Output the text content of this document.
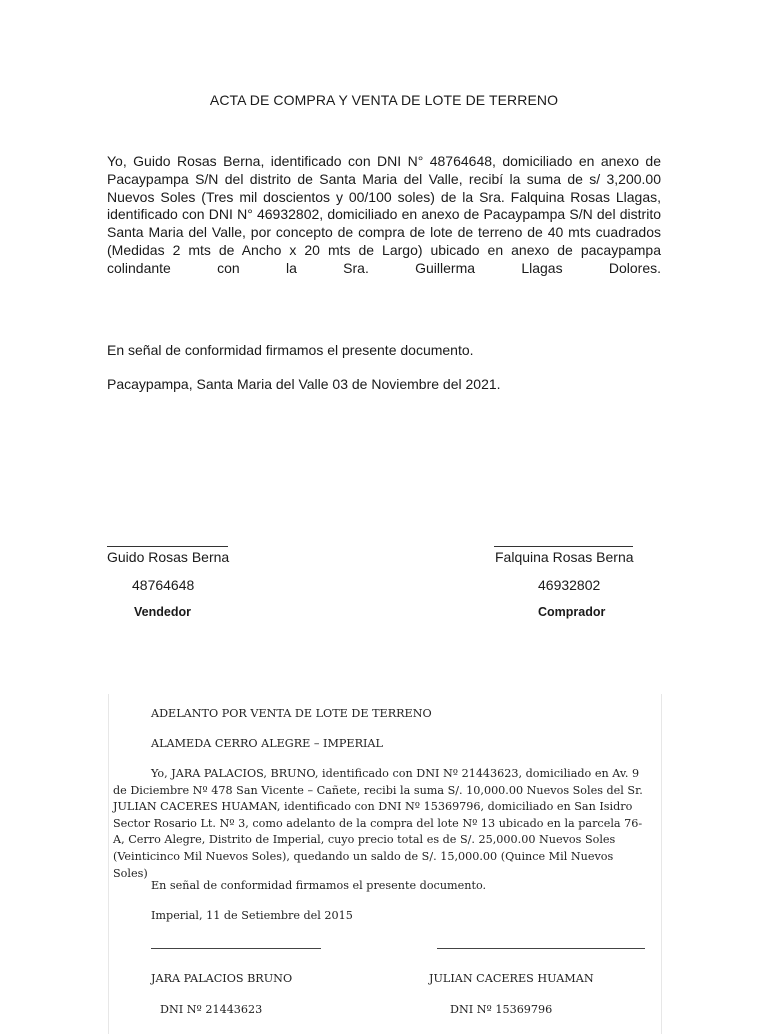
ACTA DE COMPRA Y VENTA DE LOTE DE TERRENO
Yo, Guido Rosas Berna, identificado con DNI N° 48764648, domiciliado en anexo de Pacaypampa S/N del distrito de Santa Maria del Valle, recibí la suma de s/ 3,200.00 Nuevos Soles (Tres mil doscientos y 00/100 soles) de la Sra. Falquina Rosas Llagas, identificado con DNI N° 46932802, domiciliado en anexo de Pacaypampa S/N del distrito Santa Maria del Valle, por concepto de compra de lote de terreno de 40 mts cuadrados (Medidas 2 mts de Ancho x 20 mts de Largo) ubicado en anexo de pacaypampa colindante con la Sra. Guillerma Llagas Dolores.
En señal de conformidad firmamos el presente documento.
Pacaypampa, Santa Maria del Valle 03 de Noviembre del 2021.
Guido Rosas Berna
48764648
Vendedor
Falquina Rosas Berna
46932802
Comprador
ADELANTO POR VENTA DE LOTE DE TERRENO
ALAMEDA CERRO ALEGRE – IMPERIAL
Yo, JARA PALACIOS, BRUNO, identificado con DNI Nº 21443623, domiciliado en Av. 9 de Diciembre Nº 478 San Vicente – Cañete, recibi la suma S/. 10,000.00 Nuevos Soles del Sr. JULIAN CACERES HUAMAN, identificado con DNI Nº 15369796, domiciliado en San Isidro Sector Rosario Lt. Nº 3, como adelanto de la compra del lote Nº 13 ubicado en la parcela 76-A, Cerro Alegre, Distrito de Imperial, cuyo precio total es de S/. 25,000.00 Nuevos Soles (Veinticinco Mil Nuevos Soles), quedando un saldo de S/. 15,000.00 (Quince Mil Nuevos Soles)
En señal de conformidad firmamos el presente documento.
Imperial, 11 de Setiembre del 2015
JARA PALACIOS BRUNO	JULIAN CACERES HUAMAN
DNI Nº 21443623	DNI Nº 15369796
